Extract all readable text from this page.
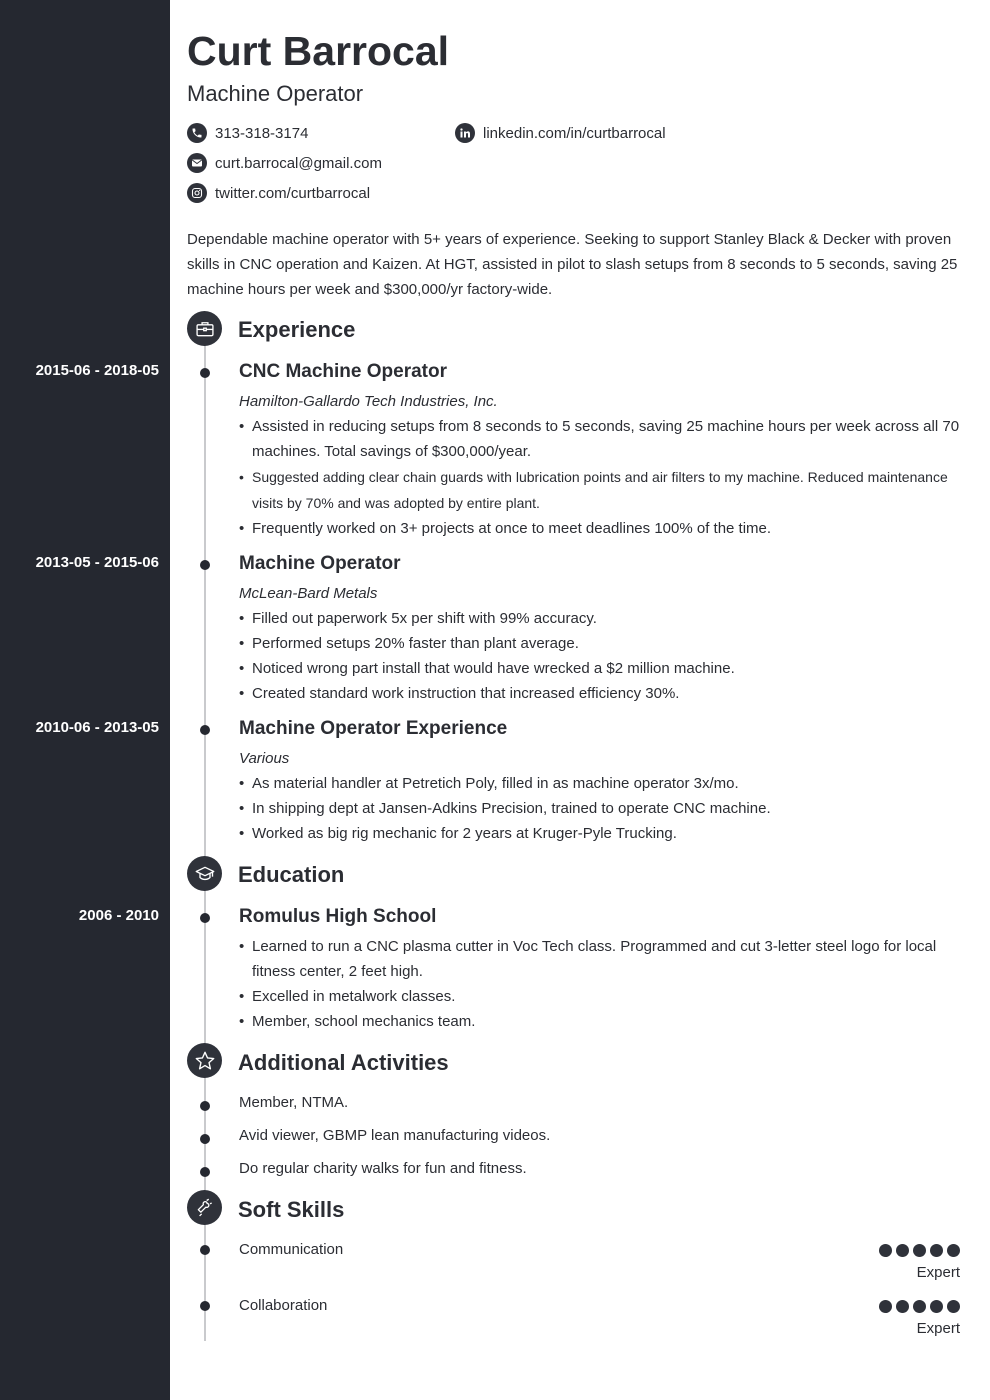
2015-06 - 2018-05
2013-05 - 2015-06
2010-06 - 2013-05
2006 - 2010
Curt Barrocal
Machine Operator
313-318-3174
curt.barrocal@gmail.com
twitter.com/curtbarrocal
linkedin.com/in/curtbarrocal
Dependable machine operator with 5+ years of experience. Seeking to support Stanley Black & Decker with proven skills in CNC operation and Kaizen. At HGT, assisted in pilot to slash setups from 8 seconds to 5 seconds, saving 25 machine hours per week and $300,000/yr factory-wide.
Experience
CNC Machine Operator
Hamilton-Gallardo Tech Industries, Inc.
• Assisted in reducing setups from 8 seconds to 5 seconds, saving 25 machine hours per week across all 70 machines. Total savings of $300,000/year.
• Suggested adding clear chain guards with lubrication points and air filters to my machine. Reduced maintenance visits by 70% and was adopted by entire plant.
• Frequently worked on 3+ projects at once to meet deadlines 100% of the time.
Machine Operator
McLean-Bard Metals
• Filled out paperwork 5x per shift with 99% accuracy.
• Performed setups 20% faster than plant average.
• Noticed wrong part install that would have wrecked a $2 million machine.
• Created standard work instruction that increased efficiency 30%.
Machine Operator Experience
Various
• As material handler at Petretich Poly, filled in as machine operator 3x/mo.
• In shipping dept at Jansen-Adkins Precision, trained to operate CNC machine.
• Worked as big rig mechanic for 2 years at Kruger-Pyle Trucking.
Education
Romulus High School
• Learned to run a CNC plasma cutter in Voc Tech class. Programmed and cut 3-letter steel logo for local fitness center, 2 feet high.
• Excelled in metalwork classes.
• Member, school mechanics team.
Additional Activities
Member, NTMA.
Avid viewer, GBMP lean manufacturing videos.
Do regular charity walks for fun and fitness.
Soft Skills
Communication
Expert
Collaboration
Expert
